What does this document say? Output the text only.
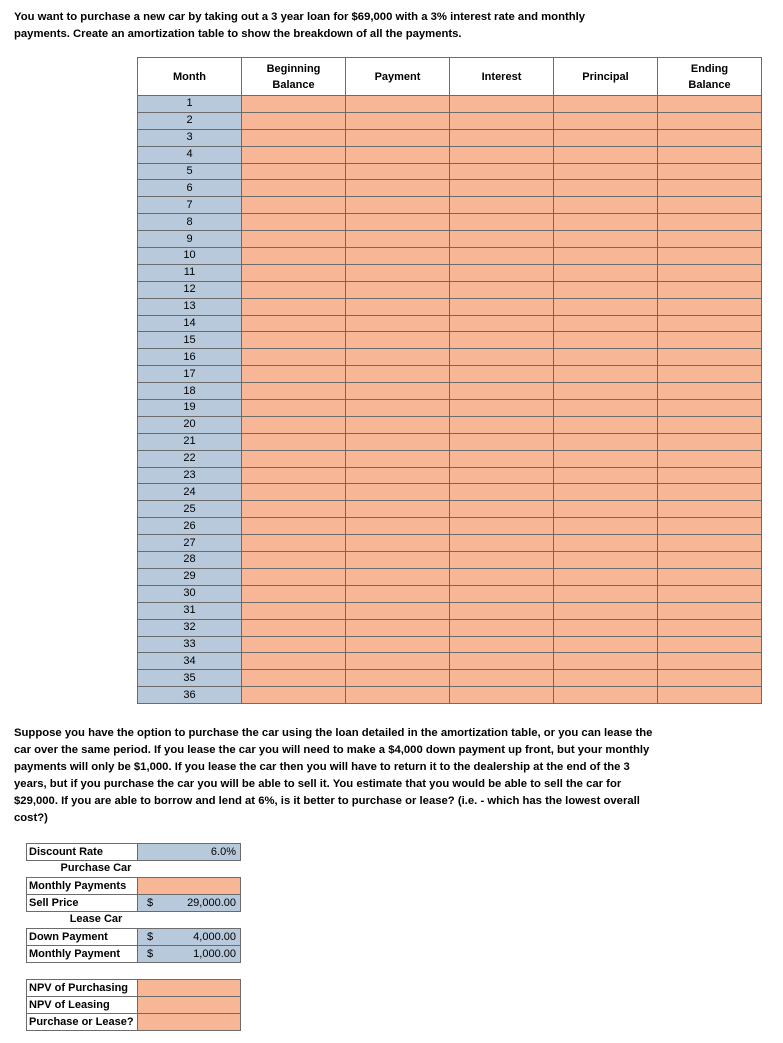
You want to purchase a new car by taking out a 3 year loan for $69,000 with a 3% interest rate and monthly payments. Create an amortization table to show the breakdown of all the payments.
Month	Beginning Balance	Payment	Interest	Principal	Ending Balance
1					
2					
3					
4					
5					
6					
7					
8					
9					
10					
11					
12					
13					
14					
15					
16					
17					
18					
19					
20					
21					
22					
23					
24					
25					
26					
27					
28					
29					
30					
31					
32					
33					
34					
35					
36					
Suppose you have the option to purchase the car using the loan detailed in the amortization table, or you can lease the car over the same period. If you lease the car you will need to make a $4,000 down payment up front, but your monthly payments will only be $1,000. If you lease the car then you will have to return it to the dealership at the end of the 3 years, but if you purchase the car you will be able to sell it. You estimate that you would be able to sell the car for $29,000. If you are able to borrow and lend at 6%, is it better to purchase or lease? (i.e. - which has the lowest overall cost?)
Discount Rate	6.0%
Purchase Car
Monthly Payments
Sell Price	$	29,000.00
Lease Car
Down Payment	$	4,000.00
Monthly Payment	$	1,000.00
NPV of Purchasing
NPV of Leasing
Purchase or Lease?
